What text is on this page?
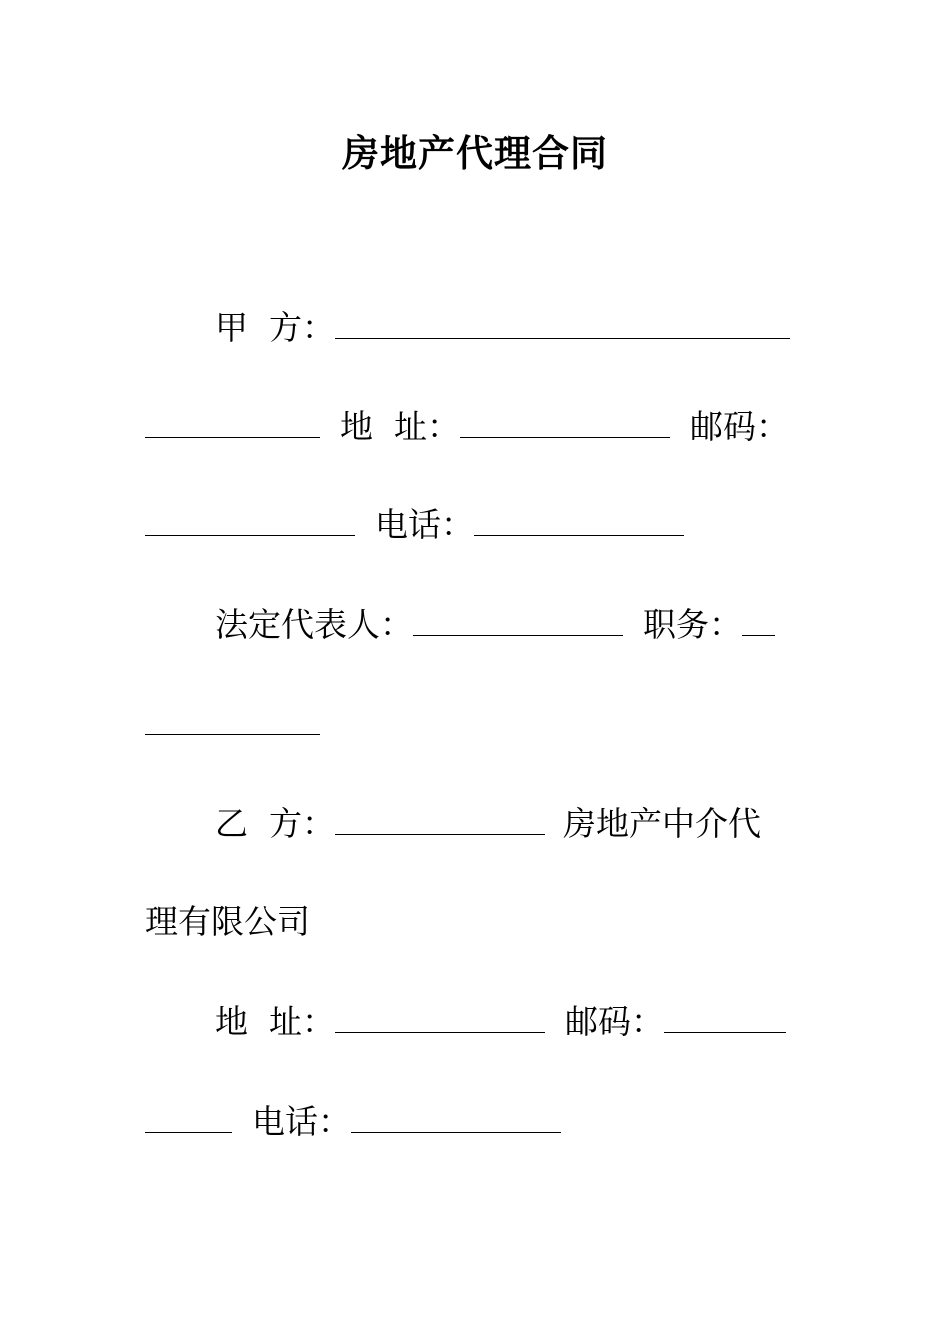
房地产代理合同
甲  方：
地  址：	邮码：
电话：
法定代表人：	职务：
乙  方：	房地产中介代
理有限公司
地  址：	邮码：
电话：
